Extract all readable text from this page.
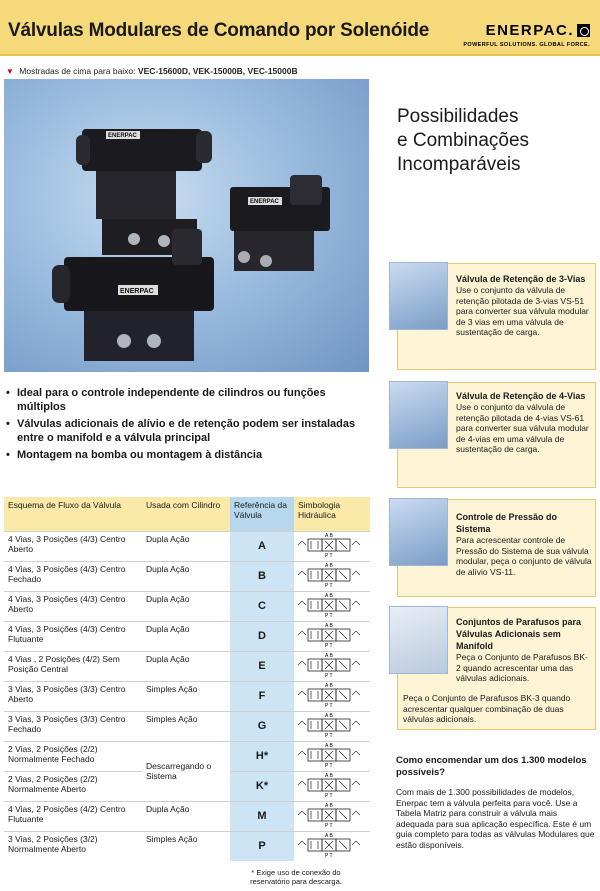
Válvulas Modulares de Comando por Solenóide	ENERPAC.
POWERFUL SOLUTIONS. GLOBAL FORCE.
▼ Mostradas de cima para baixo: VEC-15600D, VEK-15000B, VEC-15000B
ENERPAC
ENERPAC
ENERPAC
Possibilidades
e Combinações
Incomparáveis
• Ideal para o controle independente de cilindros ou funções múltiplos
• Válvulas adicionais de alívio e de retenção podem ser instaladas entre o manifold e a válvula principal
• Montagem na bomba ou montagem à distância
Esquema de Fluxo da Válvula	Usada com Cilindro	Referência da Válvula	Simbologia Hidráulica
4 Vias, 3 Posições (4/3) Centro Aberto	Dupla Ação	A	A B
P T

4 Vias, 3 Posições (4/3) Centro Fechado	Dupla Ação	B	A B
P T

4 Vias, 3 Posições (4/3) Centro Aberto	Dupla Ação	C	A B
P T

4 Vias, 3 Posições (4/3) Centro Flutuante	Dupla Ação	D	A B
P T

4 Vias , 2 Posições (4/2) Sem Posição Central	Dupla Ação	E	A B
P T

3 Vias, 3 Posições (3/3) Centro Aberto	Simples Ação	F	A B
P T

3 Vias, 3 Posições (3/3) Centro Fechado	Simples Ação	G	A B
P T

2 Vias, 2 Posições (2/2) Normalmente Fechado	Descarregando o Sistema	H*	A B
P T

2 Vias, 2 Posições (2/2) Normalmente Aberto		K*	A B
P T

4 Vias, 2 Posições (4/2) Centro Flutuante	Dupla Ação	M	A B
P T

3 Vias, 2 Posições (3/2) Normalmente Aberto	Simples Ação	P	A B
P T
* Exige uso de conexão do reservatório para descarga.
Válvula de Retenção de 3-Vias
Use o conjunto da válvula de retenção pilotada de 3-vias VS-51 para converter sua válvula modular de 3 vias em uma válvula de sustentação de carga.
Válvula de Retenção de 4-Vias
Use o conjunto da válvula de retenção pilotada de 4-vias VS-61 para converter sua válvula modular de 4-vias em uma válvula de sustentação de carga.
Controle de Pressão do Sistema
Para acrescentar controle de Pressão do Sistema de sua válvula modular, peça o conjunto de válvula de alívio VS-11.
Conjuntos de Parafusos para Válvulas Adicionais sem Manifold
Peça o Conjunto de Parafusos BK-2 quando acrescentar uma das válvulas adicionais.
Peça o Conjunto de Parafusos BK-3 quando acrescentar qualquer combinação de duas válvulas adicionais.
Como encomendar um dos 1.300 modelos possíveis?
Com mais de 1.300 possibilidades de modelos, Enerpac tem a válvula perfeita para você. Use a Tabela Matriz para construir a válvula mais adequada para sua aplicação específica. Este é um guia completo para todas as válvulas Modulares que estão disponíveis.
